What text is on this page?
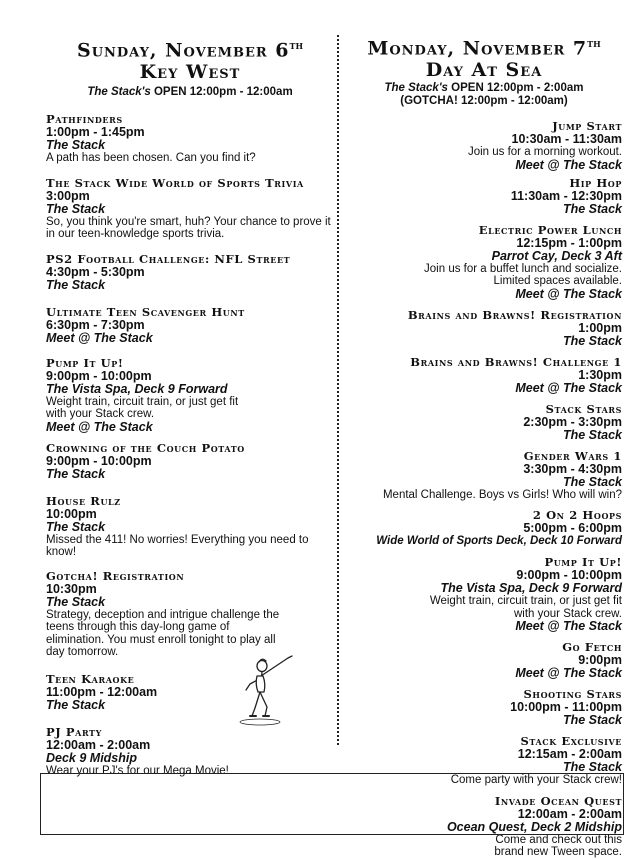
Sunday, November 6th
Key West
The Stack's OPEN 12:00pm - 12:00am
Pathfinders
1:00pm - 1:45pm
The Stack
A path has been chosen. Can you find it?
The Stack Wide World of Sports Trivia
3:00pm
The Stack
So, you think you're smart, huh? Your chance to prove it in our teen-knowledge sports trivia.
PS2 Football Challenge: NFL Street
4:30pm - 5:30pm
The Stack
Ultimate Teen Scavenger Hunt
6:30pm - 7:30pm
Meet @ The Stack
Pump It Up!
9:00pm - 10:00pm
The Vista Spa, Deck 9 Forward
Weight train, circuit train, or just get fit with your Stack crew.
Meet @ The Stack
Crowning of the Couch Potato
9:00pm - 10:00pm
The Stack
House Rulz
10:00pm
The Stack
Missed the 411! No worries! Everything you need to know!
Gotcha! Registration
10:30pm
The Stack
Strategy, deception and intrigue challenge the teens through this day-long game of elimination. You must enroll tonight to play all day tomorrow.
Teen Karaoke
11:00pm - 12:00am
The Stack
PJ Party
12:00am - 2:00am
Deck 9 Midship
Wear your PJ's for our Mega Movie!
Monday, November 7th
Day At Sea
The Stack's OPEN 12:00pm - 2:00am
(GOTCHA! 12:00pm - 12:00am)
Jump Start
10:30am - 11:30am
Join us for a morning workout.
Meet @ The Stack
Hip Hop
11:30am - 12:30pm
The Stack
Electric Power Lunch
12:15pm - 1:00pm
Parrot Cay, Deck 3 Aft
Join us for a buffet lunch and socialize. Limited spaces available.
Meet @ The Stack
Brains and Brawns! Registration
1:00pm
The Stack
Brains and Brawns! Challenge 1
1:30pm
Meet @ The Stack
Stack Stars
2:30pm - 3:30pm
The Stack
Gender Wars 1
3:30pm - 4:30pm
The Stack
Mental Challenge. Boys vs Girls! Who will win?
2 On 2 Hoops
5:00pm - 6:00pm
Wide World of Sports Deck, Deck 10 Forward
Pump It Up!
9:00pm - 10:00pm
The Vista Spa, Deck 9 Forward
Weight train, circuit train, or just get fit with your Stack crew.
Meet @ The Stack
Go Fetch
9:00pm
Meet @ The Stack
Shooting Stars
10:00pm - 11:00pm
The Stack
Stack Exclusive
12:15am - 2:00am
The Stack
Come party with your Stack crew!
Invade Ocean Quest
12:00am - 2:00am
Ocean Quest, Deck 2 Midship
Come and check out this brand new Tween space.
